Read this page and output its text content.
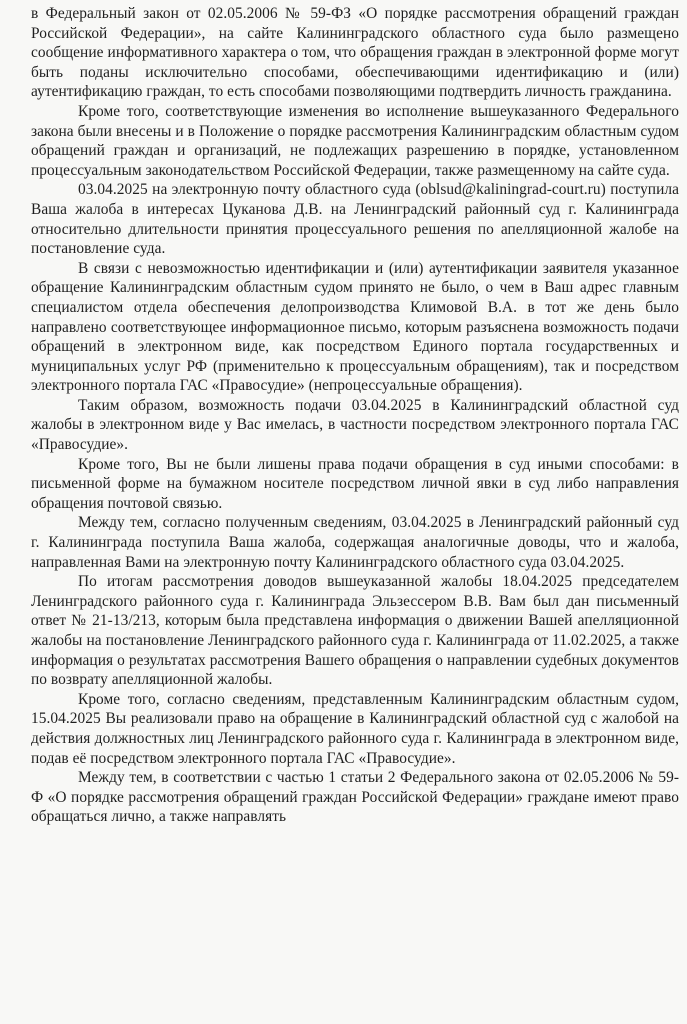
в Федеральный закон от 02.05.2006 № 59-ФЗ «О порядке рассмотрения обращений граждан Российской Федерации», на сайте Калининградского областного суда было размещено сообщение информативного характера о том, что обращения граждан в электронной форме могут быть поданы исключительно способами, обеспечивающими идентификацию и (или) аутентификацию граждан, то есть способами позволяющими подтвердить личность гражданина.

Кроме того, соответствующие изменения во исполнение вышеуказанного Федерального закона были внесены и в Положение о порядке рассмотрения Калининградским областным судом обращений граждан и организаций, не подлежащих разрешению в порядке, установленном процессуальным законодательством Российской Федерации, также размещенному на сайте суда.

03.04.2025 на электронную почту областного суда (oblsud@kaliningrad-court.ru) поступила Ваша жалоба в интересах Цуканова Д.В. на Ленинградский районный суд г. Калининграда относительно длительности принятия процессуального решения по апелляционной жалобе на постановление суда.

В связи с невозможностью идентификации и (или) аутентификации заявителя указанное обращение Калининградским областным судом принято не было, о чем в Ваш адрес главным специалистом отдела обеспечения делопроизводства Климовой В.А. в тот же день было направлено соответствующее информационное письмо, которым разъяснена возможность подачи обращений в электронном виде, как посредством Единого портала государственных и муниципальных услуг РФ (применительно к процессуальным обращениям), так и посредством электронного портала ГАС «Правосудие» (непроцессуальные обращения).

Таким образом, возможность подачи 03.04.2025 в Калининградский областной суд жалобы в электронном виде у Вас имелась, в частности посредством электронного портала ГАС «Правосудие».

Кроме того, Вы не были лишены права подачи обращения в суд иными способами: в письменной форме на бумажном носителе посредством личной явки в суд либо направления обращения почтовой связью.

Между тем, согласно полученным сведениям, 03.04.2025 в Ленинградский районный суд г. Калининграда поступила Ваша жалоба, содержащая аналогичные доводы, что и жалоба, направленная Вами на электронную почту Калининградского областного суда 03.04.2025.

По итогам рассмотрения доводов вышеуказанной жалобы 18.04.2025 председателем Ленинградского районного суда г. Калининграда Эльзессером В.В. Вам был дан письменный ответ № 21-13/213, которым была представлена информация о движении Вашей апелляционной жалобы на постановление Ленинградского районного суда г. Калининграда от 11.02.2025, а также информация о результатах рассмотрения Вашего обращения о направлении судебных документов по возврату апелляционной жалобы.

Кроме того, согласно сведениям, представленным Калининградским областным судом, 15.04.2025 Вы реализовали право на обращение в Калининградский областной суд с жалобой на действия должностных лиц Ленинградского районного суда г. Калининграда в электронном виде, подав её посредством электронного портала ГАС «Правосудие».

Между тем, в соответствии с частью 1 статьи 2 Федерального закона от 02.05.2006 № 59-Ф «О порядке рассмотрения обращений граждан Российской Федерации» граждане имеют право обращаться лично, а также направлять
